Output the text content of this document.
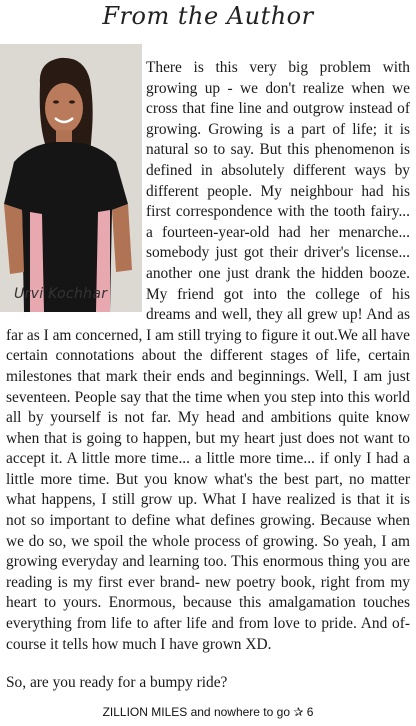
From the Author

There is this very big problem with growing up - we don't realize when we cross that fine line and outgrow instead of growing. Growing is a part of life; it is natural so to say. But this phenomenon is defined in absolutely different ways by different people. My neighbour had his first correspondence with the tooth fairy... a fourteen-year-old had her menarche... somebody just got their driver's license... another one just drank the hidden booze. My friend got into the college of his dreams and well, they all grew up! And as far as I am concerned, I am still trying to figure it out.We all have certain connotations about the different stages of life, certain milestones that mark their ends and beginnings. Well, I am just seventeen. People say that the time when you step into this world all by yourself is not far. My head and ambitions quite know when that is going to happen, but my heart just does not want to accept it. A little more time... a little more time... if only I had a little more time. But you know what's the best part, no matter what happens, I still grow up. What I have realized is that it is not so important to define what defines growing. Because when we do so, we spoil the whole process of growing. So yeah, I am growing everyday and learning too. This enormous thing you are reading is my first ever brand- new poetry book, right from my heart to yours. Enormous, because this amalgamation touches everything from life to after life and from love to pride. And of-course it tells how much I have grown XD.

Urvi Kochhar
So, are you ready for a bumpy ride?
ZILLION MILES and nowhere to go ✰ 6
